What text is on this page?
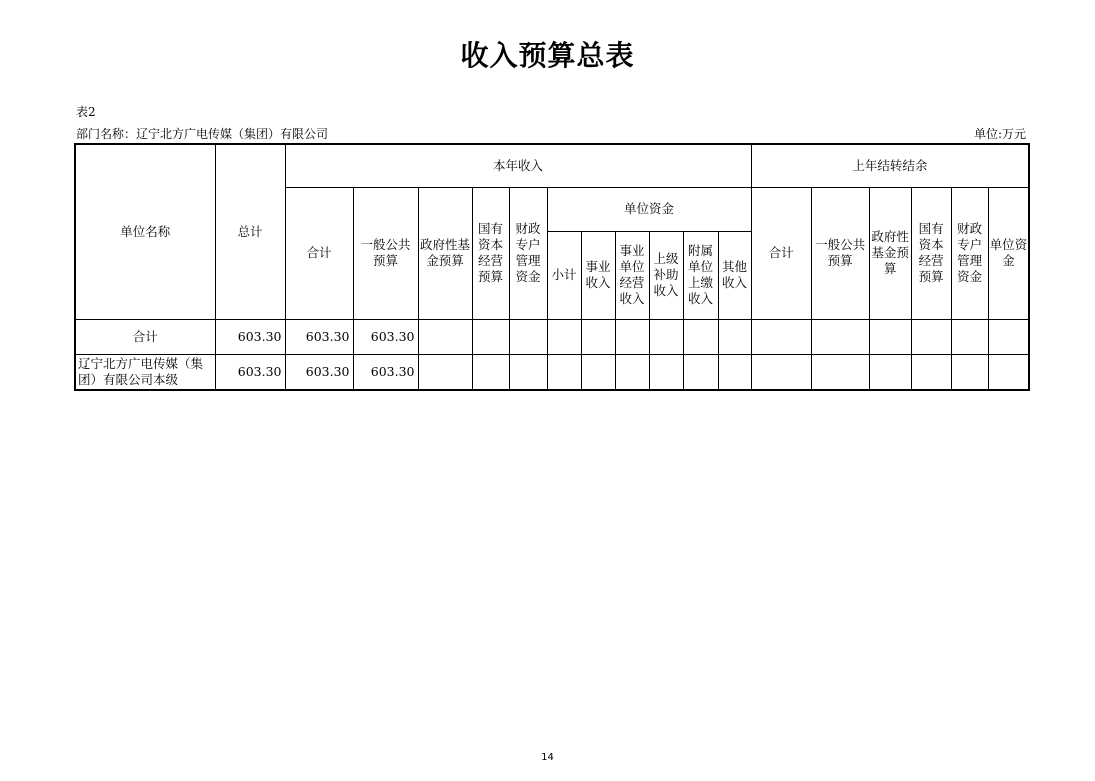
收入预算总表
表2
部门名称：辽宁北方广电传媒（集团）有限公司	单位:万元
单位名称	总计	本年收入											上年结转结余					
		合计	一般公共预算	政府性基金预算	国有资本经营预算	财政专户管理资金	单位资金						合计	一般公共预算	政府性基金预算	国有资本经营预算	财政专户管理资金	单位资金
							小计	事业收入	事业单位经营收入	上级补助收入	附属单位上缴收入	其他收入						
合计	603.30	603.30	603.30															
辽宁北方广电传媒（集团）有限公司本级	603.30	603.30	603.30															
14
